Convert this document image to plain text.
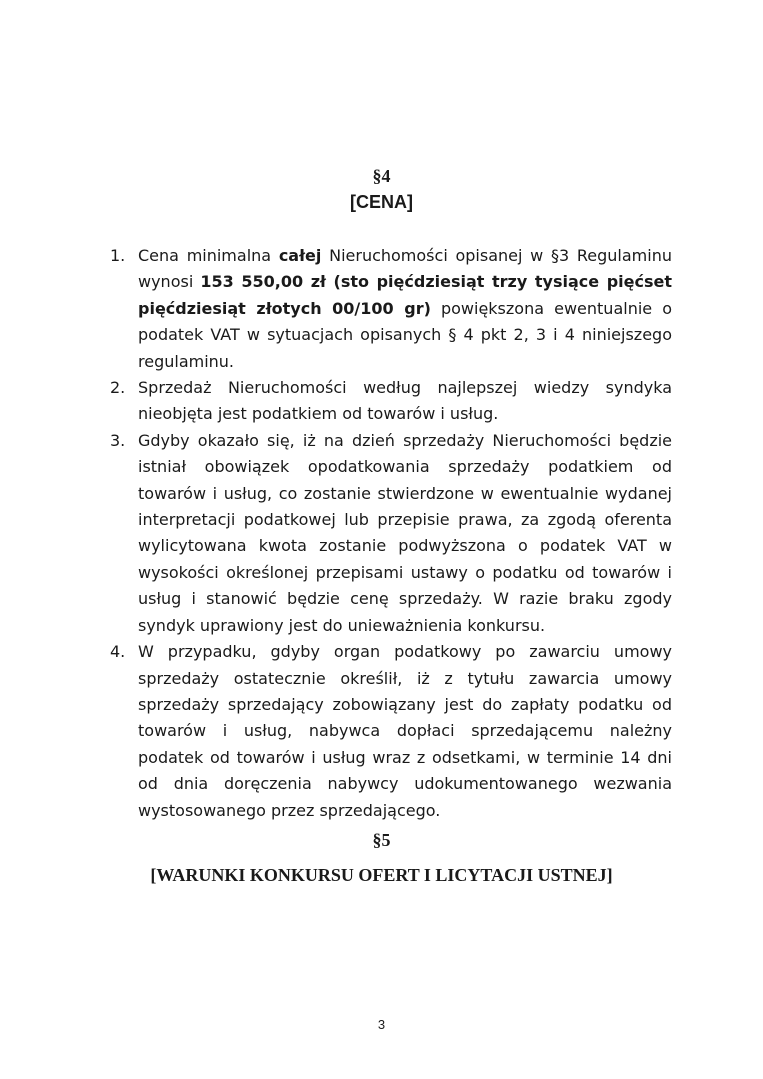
§4
[CENA]
1. Cena minimalna całej Nieruchomości opisanej w §3 Regulaminu wynosi 153 550,00 zł (sto pięćdziesiąt trzy tysiące pięćset pięćdziesiąt złotych 00/100 gr) powiększona ewentualnie o podatek VAT w sytuacjach opisanych § 4 pkt 2, 3 i 4 niniejszego regulaminu.
2. Sprzedaż Nieruchomości według najlepszej wiedzy syndyka nieobjęta jest podatkiem od towarów i usług.
3. Gdyby okazało się, iż na dzień sprzedaży Nieruchomości będzie istniał obowiązek opodatkowania sprzedaży podatkiem od towarów i usług, co zostanie stwierdzone w ewentualnie wydanej interpretacji podatkowej lub przepisie prawa, za zgodą oferenta wylicytowana kwota zostanie podwyższona o podatek VAT w wysokości określonej przepisami ustawy o podatku od towarów i usług i stanowić będzie cenę sprzedaży. W razie braku zgody syndyk uprawiony jest do unieważnienia konkursu.
4. W przypadku, gdyby organ podatkowy po zawarciu umowy sprzedaży ostatecznie określił, iż z tytułu zawarcia umowy sprzedaży sprzedający zobowiązany jest do zapłaty podatku od towarów i usług, nabywca dopłaci sprzedającemu należny podatek od towarów i usług wraz z odsetkami, w terminie 14 dni od dnia doręczenia nabywcy udokumentowanego wezwania
wystosowanego przez sprzedającego.
§5
[WARUNKI KONKURSU OFERT I LICYTACJI USTNEJ]
3
